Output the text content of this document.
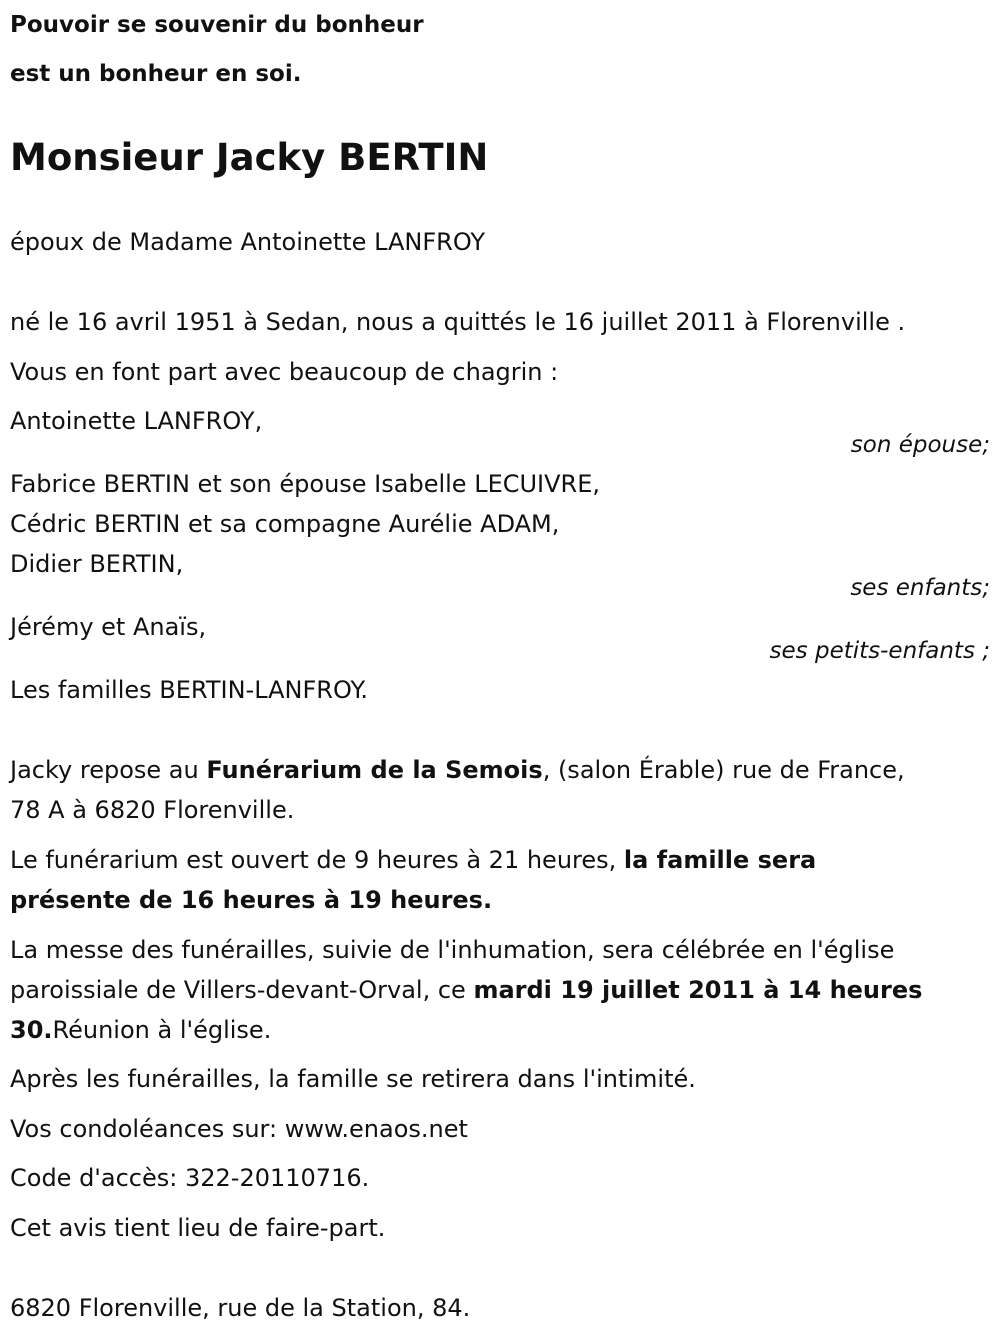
Pouvoir se souvenir du bonheur
est un bonheur en soi.
Monsieur Jacky BERTIN
époux de Madame Antoinette LANFROY
né le 16 avril 1951 à Sedan, nous a quittés le 16 juillet 2011 à Florenville .
Vous en font part avec beaucoup de chagrin :
Antoinette LANFROY,
son épouse;
Fabrice BERTIN et son épouse Isabelle LECUIVRE,
Cédric BERTIN et sa compagne Aurélie ADAM,
Didier BERTIN,
ses enfants;
Jérémy et Anaïs,
ses petits-enfants ;
Les familles BERTIN-LANFROY.
Jacky repose au Funérarium de la Semois, (salon Érable) rue de France,
78 A à 6820 Florenville.
Le funérarium est ouvert de 9 heures à 21 heures, la famille sera
présente de 16 heures à 19 heures.
La messe des funérailles, suivie de l'inhumation, sera célébrée en l'église
paroissiale de Villers-devant-Orval, ce mardi 19 juillet 2011 à 14 heures
30.Réunion à l'église.
Après les funérailles, la famille se retirera dans l'intimité.
Vos condoléances sur: www.enaos.net
Code d'accès: 322-20110716.
Cet avis tient lieu de faire-part.
6820 Florenville, rue de la Station, 84.
